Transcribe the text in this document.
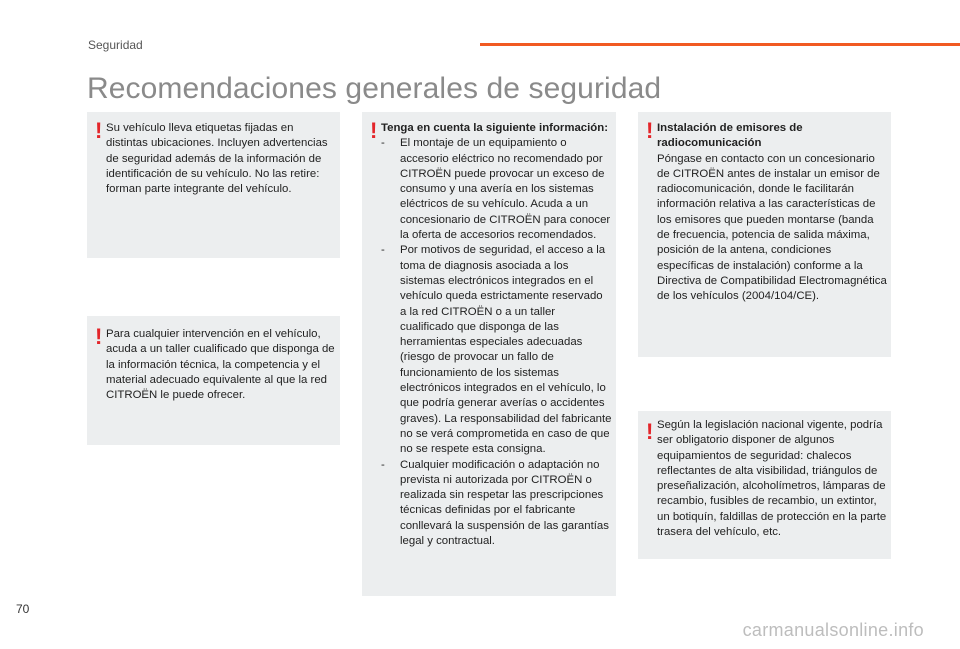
Seguridad
Recomendaciones generales de seguridad
! Su vehículo lleva etiquetas fijadas en distintas ubicaciones. Incluyen advertencias de seguridad además de la información de identificación de su vehículo. No las retire: forman parte integrante del vehículo.

! Para cualquier intervención en el vehículo, acuda a un taller cualificado que disponga de la información técnica, la competencia y el material adecuado equivalente al que la red CITROËN le puede ofrecer.

! Tenga en cuenta la siguiente información:

- El montaje de un equipamiento o accesorio eléctrico no recomendado por CITROËN puede provocar un exceso de consumo y una avería en los sistemas eléctricos de su vehículo. Acuda a un concesionario de CITROËN para conocer la oferta de accesorios recomendados.
- Por motivos de seguridad, el acceso a la toma de diagnosis asociada a los sistemas electrónicos integrados en el vehículo queda estrictamente reservado a la red CITROËN o a un taller cualificado que disponga de las herramientas especiales adecuadas (riesgo de provocar un fallo de funcionamiento de los sistemas electrónicos integrados en el vehículo, lo que podría generar averías o accidentes graves). La responsabilidad del fabricante no se verá comprometida en caso de que no se respete esta consigna.
- Cualquier modificación o adaptación no prevista ni autorizada por CITROËN o realizada sin respetar las prescripciones técnicas definidas por el fabricante conllevará la suspensión de las garantías legal y contractual.
! Instalación de emisores de radiocomunicación

Póngase en contacto con un concesionario de CITROËN antes de instalar un emisor de radiocomunicación, donde le facilitarán información relativa a las características de los emisores que pueden montarse (banda de frecuencia, potencia de salida máxima, posición de la antena, condiciones específicas de instalación) conforme a la Directiva de Compatibilidad Electromagnética de los vehículos (2004/104/CE).

! Según la legislación nacional vigente, podría ser obligatorio disponer de algunos equipamientos de seguridad: chalecos reflectantes de alta visibilidad, triángulos de preseñalización, alcoholímetros, lámparas de recambio, fusibles de recambio, un extintor, un botiquín, faldillas de protección en la parte trasera del vehículo, etc.

70
carmanualsonline.info
